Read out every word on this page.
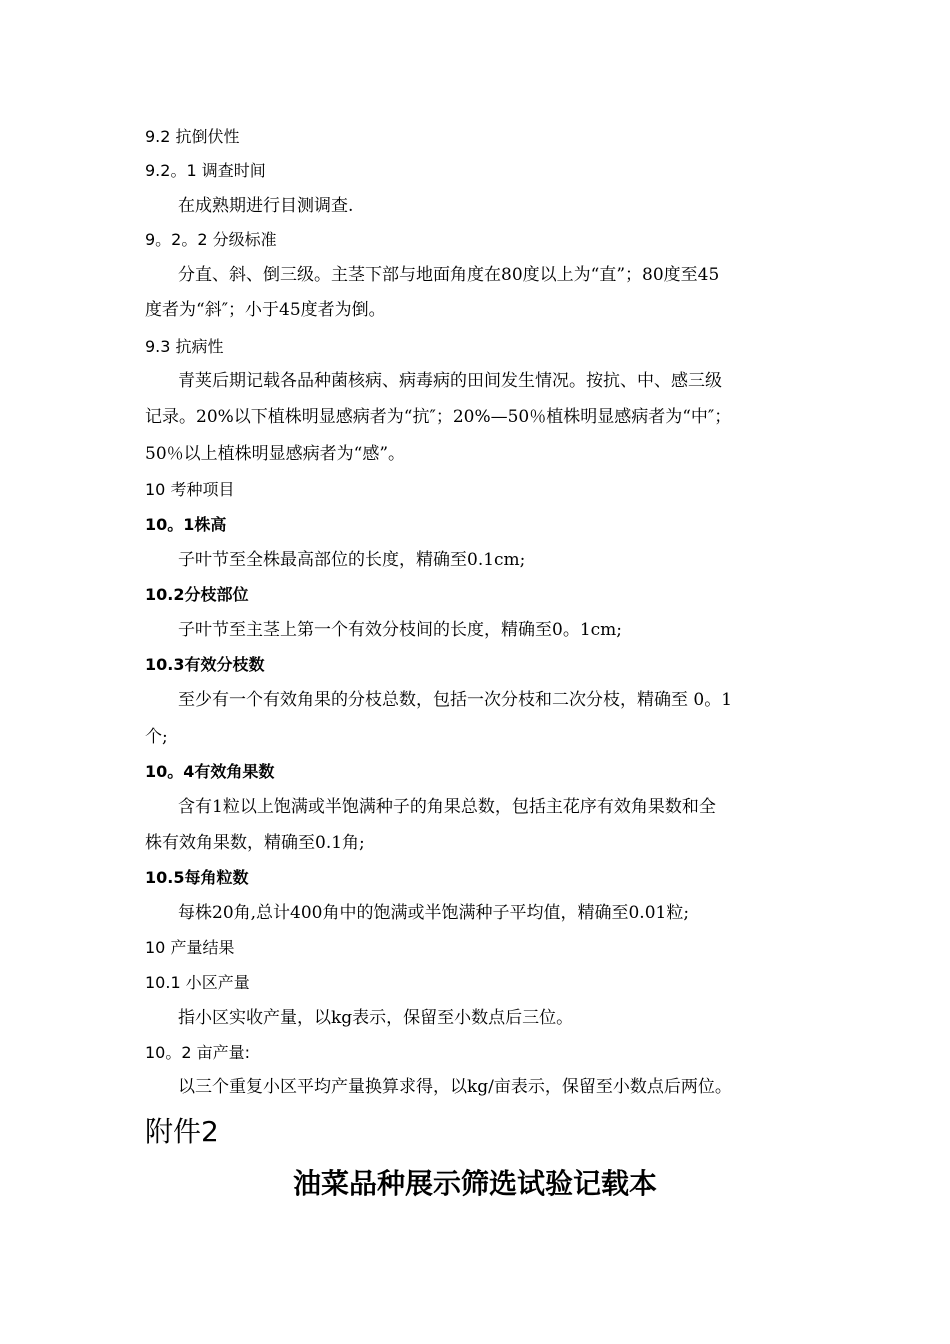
9.2 抗倒伏性
9.2。1 调查时间
在成熟期进行目测调查.
9。2。2 分级标准
分直、斜、倒三级。主茎下部与地面角度在80度以上为“直”；80度至45
度者为“斜″；小于45度者为倒。
9.3 抗病性
青荚后期记载各品种菌核病、病毒病的田间发生情况。按抗、中、感三级
记录。20%以下植株明显感病者为“抗″；20%—50％植株明显感病者为“中″；
50％以上植株明显感病者为“感”。
10 考种项目
10。1株高
子叶节至全株最高部位的长度，精确至0.1cm;
10.2分枝部位
子叶节至主茎上第一个有效分枝间的长度，精确至0。1cm;
10.3有效分枝数
至少有一个有效角果的分枝总数，包括一次分枝和二次分枝，精确至 0。1
个;
10。4有效角果数
含有1粒以上饱满或半饱满种子的角果总数，包括主花序有效角果数和全
株有效角果数，精确至0.1角;
10.5每角粒数
每株20角,总计400角中的饱满或半饱满种子平均值，精确至0.01粒;
10 产量结果
10.1 小区产量
指小区实收产量，以kg表示，保留至小数点后三位。
10。2 亩产量:
以三个重复小区平均产量换算求得，以kg/亩表示，保留至小数点后两位。
附件2
油菜品种展示筛选试验记载本
